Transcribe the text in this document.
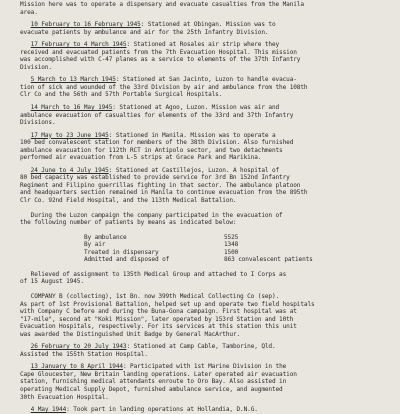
Mission here was to operate a dispensary and evacuate casualties from the Manila
area.
10 February to 16 February 1945: Stationed at Obingan. Mission was to
evacuate patients by ambulance and air for the 25th Infantry Division.
17 February to 4 March 1945: Stationed at Rosales air strip where they
received and evacuated patients from the 7th Evacuation Hospital. This mission
was accomplished with C-47 planes as a service to elements of the 37th Infantry
Division.
5 March to 13 March 1945: Stationed at San Jacinto, Luzon to handle evacua-
tion of sick and wounded of the 33rd Division by air and ambulance from the 108th
Clr Co and the 56th and 57th Portable Surgical Hospitals.
14 March to 16 May 1945: Stationed at Agoo, Luzon. Mission was air and
ambulance evacuation of casualties for elements of the 33rd and 37th Infantry
Divisions.
17 May to 23 June 1945: Stationed in Manila. Mission was to operate a
100 bed convalescent station for members of the 38th Division. Also furnished
ambulance evacuation for 112th RCT in Antipolo sector, and two detachments
performed air evacuation from L-5 strips at Grace Park and Marikina.
24 June to 4 July 1945: Stationed at Castillejos, Luzon. A hospital of
80 bed capacity was established to provide service for 3rd Bn 152nd Infantry
Regiment and Filipino guerrillas fighting in that sector. The ambulance platoon
and headquarters section remained in Manila to continue evacuation from the 895th
Clr Co. 92nd Field Hospital, and the 113th Medical Battalion.
During the Luzon campaign the company participated in the evacuation of
the following number of patients by means as indicated below:
By ambulance	5525
By air	1348
Treated in dispensary	1500
Admitted and disposed of	863 convalescent patients
Relieved of assignment to 135th Medical Group and attached to I Corps as
of 15 August 1945.
COMPANY B (collecting), 1st Bn. now 399th Medical Collecting Co (sep).
As part of 1st Provisional Battalion, helped set up and operate two field hospitals
with Company C before and during the Buna-Gona campaign. First hospital was at
"17-mile", second at "Koki Mission", later operated by 153rd Station and 10th
Evacuation Hospitals, respectively. For its services at this station this unit
was awarded the Distinguished Unit Badge by General MacArthur.
26 February to 20 July 1943: Stationed at Camp Cable, Tamborine, Qld.
Assisted the 155th Station Hospital.
13 January to 8 April 1944: Participated with 1st Marine Division in the
Cape Gloucester, New Britain landing operations. Later operated air evacuation
station, furnishing medical attendants enroute to Oro Bay. Also assisted in
operating Medical Supply Depot, furnished ambulance service, and augmented
30th Evacuation Hospital.
4 May 1944: Took part in landing operations at Hollandia, D.N.G.
